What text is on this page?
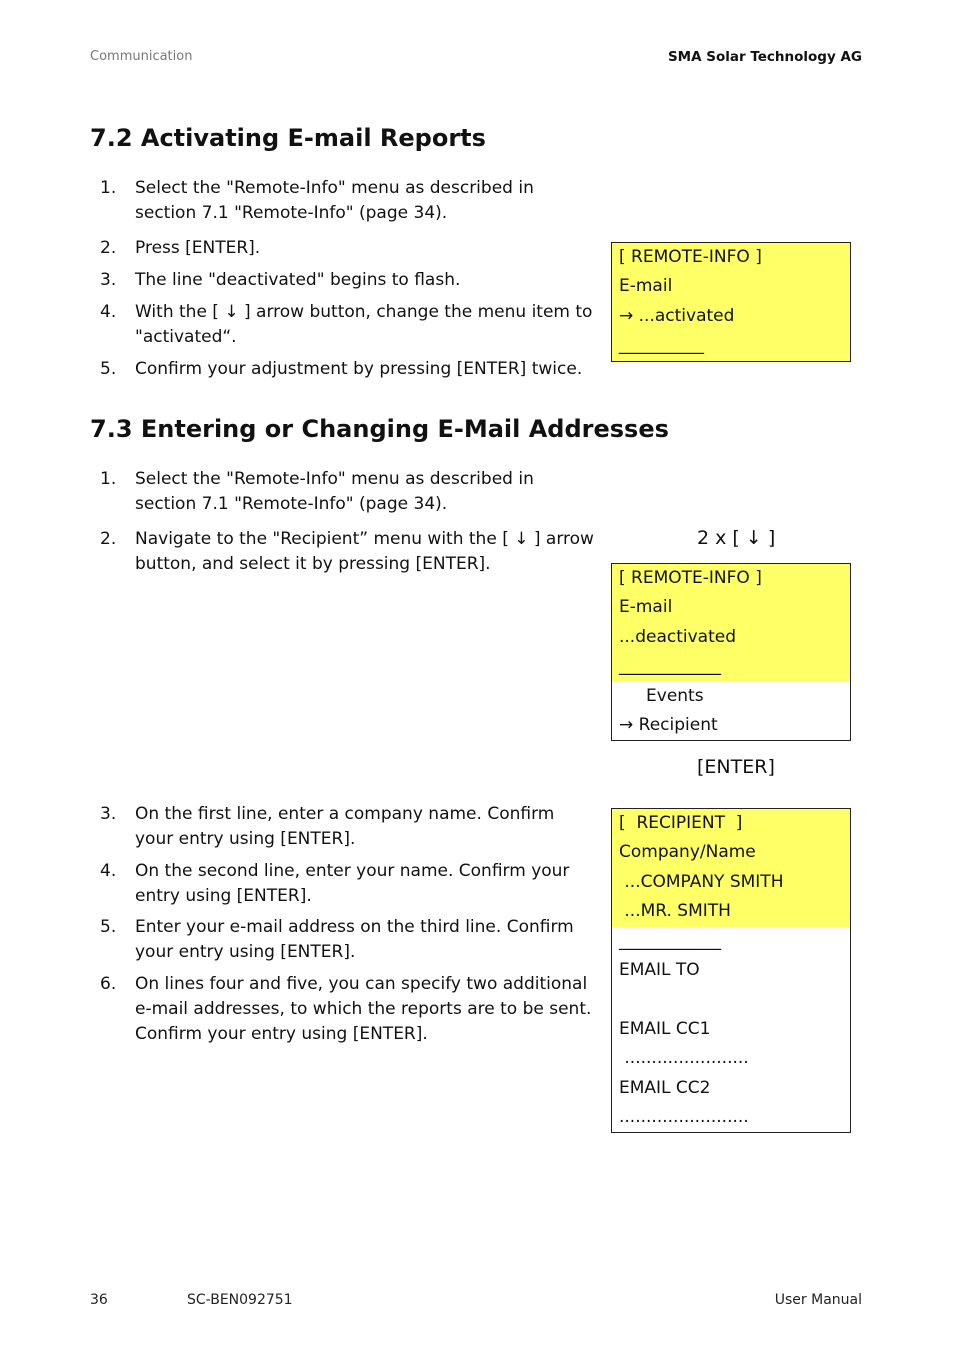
Communication	SMA Solar Technology AG
7.2 Activating E-mail Reports
1. Select the "Remote-Info" menu as described in section 7.1 "Remote-Info" (page 34).
2. Press [ENTER].
3. The line "deactivated" begins to flash.
4. With the [ ↓ ] arrow button, change the menu item to "activated“.
5. Confirm your adjustment by pressing [ENTER] twice.
[ REMOTE-INFO ]
E-mail
→ ...activated
__________
7.3 Entering or Changing E-Mail Addresses
1. Select the "Remote-Info" menu as described in section 7.1 "Remote-Info" (page 34).
2. Navigate to the "Recipient” menu with the [ ↓ ] arrow button, and select it by pressing [ENTER].
3. On the first line, enter a company name. Confirm your entry using [ENTER].
4. On the second line, enter your name. Confirm your entry using [ENTER].
5. Enter your e-mail address on the third line. Confirm your entry using [ENTER].
6. On lines four and five, you can specify two additional e-mail addresses, to which the reports are to be sent. Confirm your entry using [ENTER].
2 x [ ↓ ]
[ REMOTE-INFO ]
E-mail
...deactivated
____________
Events
→ Recipient
[ENTER]
[  RECIPIENT  ]
Company/Name
...COMPANY SMITH
...MR. SMITH
____________
EMAIL TO
EMAIL CC1
.......................
EMAIL CC2
........................
36	SC-BEN092751	User Manual
